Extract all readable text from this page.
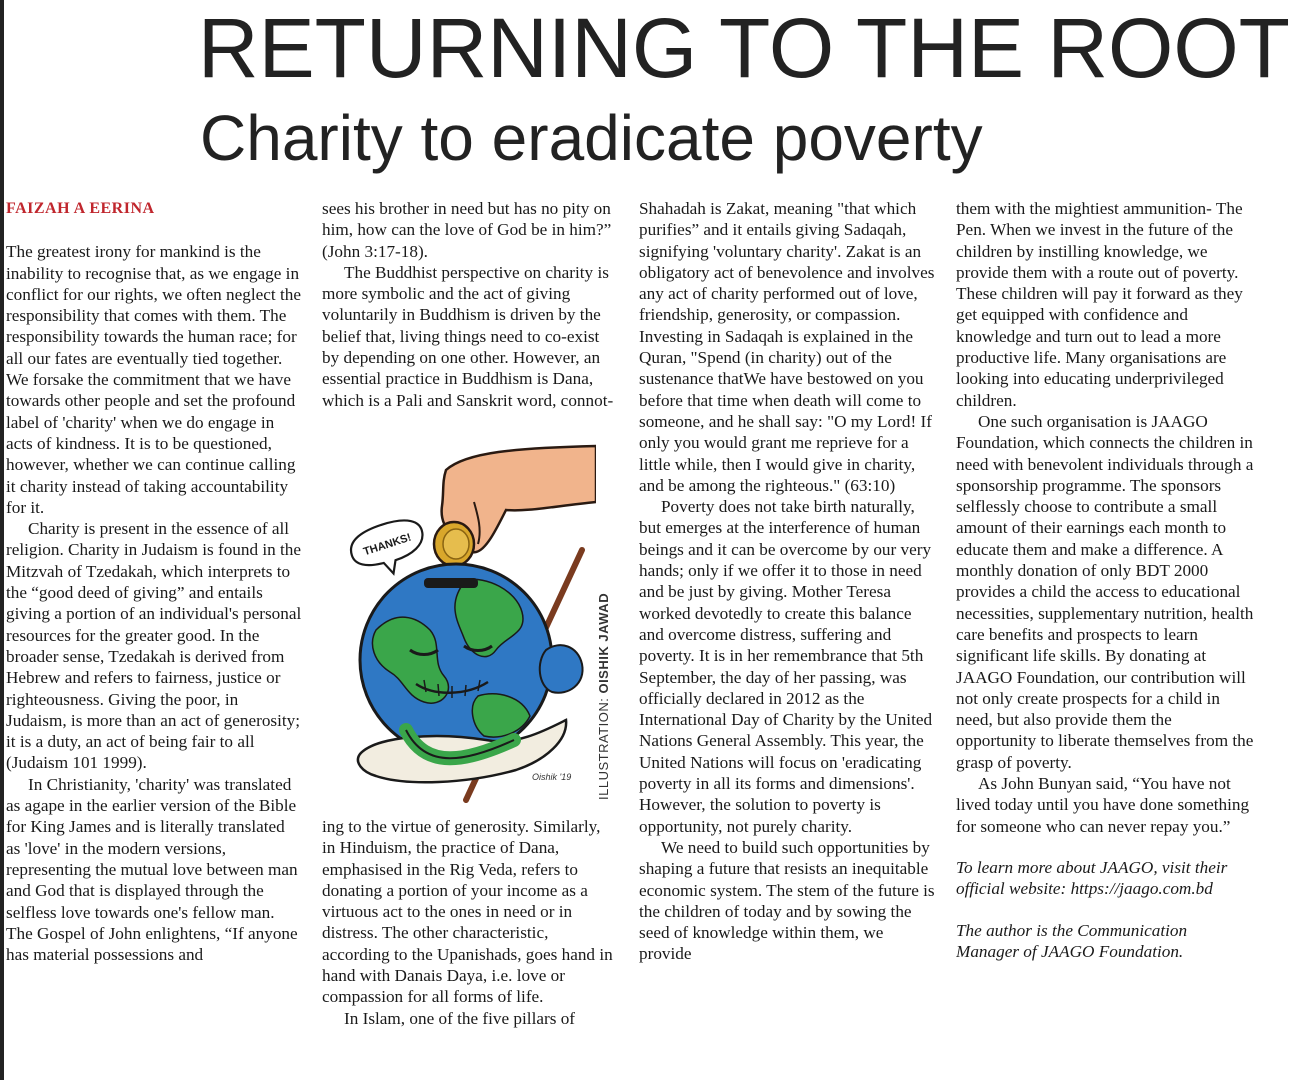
RETURNING TO THE ROOT
Charity to eradicate poverty
FAIZAH A EERINA

The greatest irony for mankind is the inability to recognise that, as we engage in conflict for our rights, we often neglect the responsibility that comes with them. The responsibility towards the human race; for all our fates are eventually tied together. We forsake the commitment that we have towards other people and set the profound label of 'charity' when we do engage in acts of kindness. It is to be questioned, however, whether we can continue calling it charity instead of taking accountability for it.

Charity is present in the essence of all religion. Charity in Judaism is found in the Mitzvah of Tzedakah, which interprets to the “good deed of giving” and entails giving a portion of an individual's personal resources for the greater good. In the broader sense, Tzedakah is derived from Hebrew and refers to fairness, justice or righteousness. Giving the poor, in Judaism, is more than an act of generosity; it is a duty, an act of being fair to all (Judaism 101 1999).

In Christianity, 'charity' was translated as agape in the earlier version of the Bible for King James and is literally translated as 'love' in the modern versions, representing the mutual love between man and God that is displayed through the selfless love towards one's fellow man. The Gospel of John enlightens, “If anyone has material possessions and

sees his brother in need but has no pity on him, how can the love of God be in him?” (John 3:17-18).

The Buddhist perspective on charity is more symbolic and the act of giving voluntarily in Buddhism is driven by the belief that, living things need to co-exist by depending on one other. However, an essential practice in Buddhism is Dana, which is a Pali and Sanskrit word, connot-

THANKS!
Oishik '19 ILLUSTRATION: OISHIK JAWAD

ing to the virtue of generosity. Similarly, in Hinduism, the practice of Dana, emphasised in the Rig Veda, refers to donating a portion of your income as a virtuous act to the ones in need or in distress. The other characteristic, according to the Upanishads, goes hand in hand with Danais Daya, i.e. love or compassion for all forms of life.

In Islam, one of the five pillars of

Shahadah is Zakat, meaning "that which purifies” and it entails giving Sadaqah, signifying 'voluntary charity'. Zakat is an obligatory act of benevolence and involves any act of charity performed out of love, friendship, generosity, or compassion. Investing in Sadaqah is explained in the Quran, "Spend (in charity) out of the sustenance thatWe have bestowed on you before that time when death will come to someone, and he shall say: "O my Lord! If only you would grant me reprieve for a little while, then I would give in charity, and be among the righteous." (63:10)

Poverty does not take birth naturally, but emerges at the interference of human beings and it can be overcome by our very hands; only if we offer it to those in need and be just by giving. Mother Teresa worked devotedly to create this balance and overcome distress, suffering and poverty. It is in her remembrance that 5th September, the day of her passing, was officially declared in 2012 as the International Day of Charity by the United Nations General Assembly. This year, the United Nations will focus on 'eradicating poverty in all its forms and dimensions'. However, the solution to poverty is opportunity, not purely charity.

We need to build such opportunities by shaping a future that resists an inequitable economic system. The stem of the future is the children of today and by sowing the seed of knowledge within them, we provide

them with the mightiest ammunition- The Pen. When we invest in the future of the children by instilling knowledge, we provide them with a route out of poverty. These children will pay it forward as they get equipped with confidence and knowledge and turn out to lead a more productive life. Many organisations are looking into educating underprivileged children.

One such organisation is JAAGO Foundation, which connects the children in need with benevolent individuals through a sponsorship programme. The sponsors selflessly choose to contribute a small amount of their earnings each month to educate them and make a difference. A monthly donation of only BDT 2000 provides a child the access to educational necessities, supplementary nutrition, health care benefits and prospects to learn significant life skills. By donating at JAAGO Foundation, our contribution will not only create prospects for a child in need, but also provide them the opportunity to liberate themselves from the grasp of poverty.

As John Bunyan said, “You have not lived today until you have done something for someone who can never repay you.”

To learn more about JAAGO, visit their official website: https://jaago.com.bd

The author is the Communication Manager of JAAGO Foundation.
